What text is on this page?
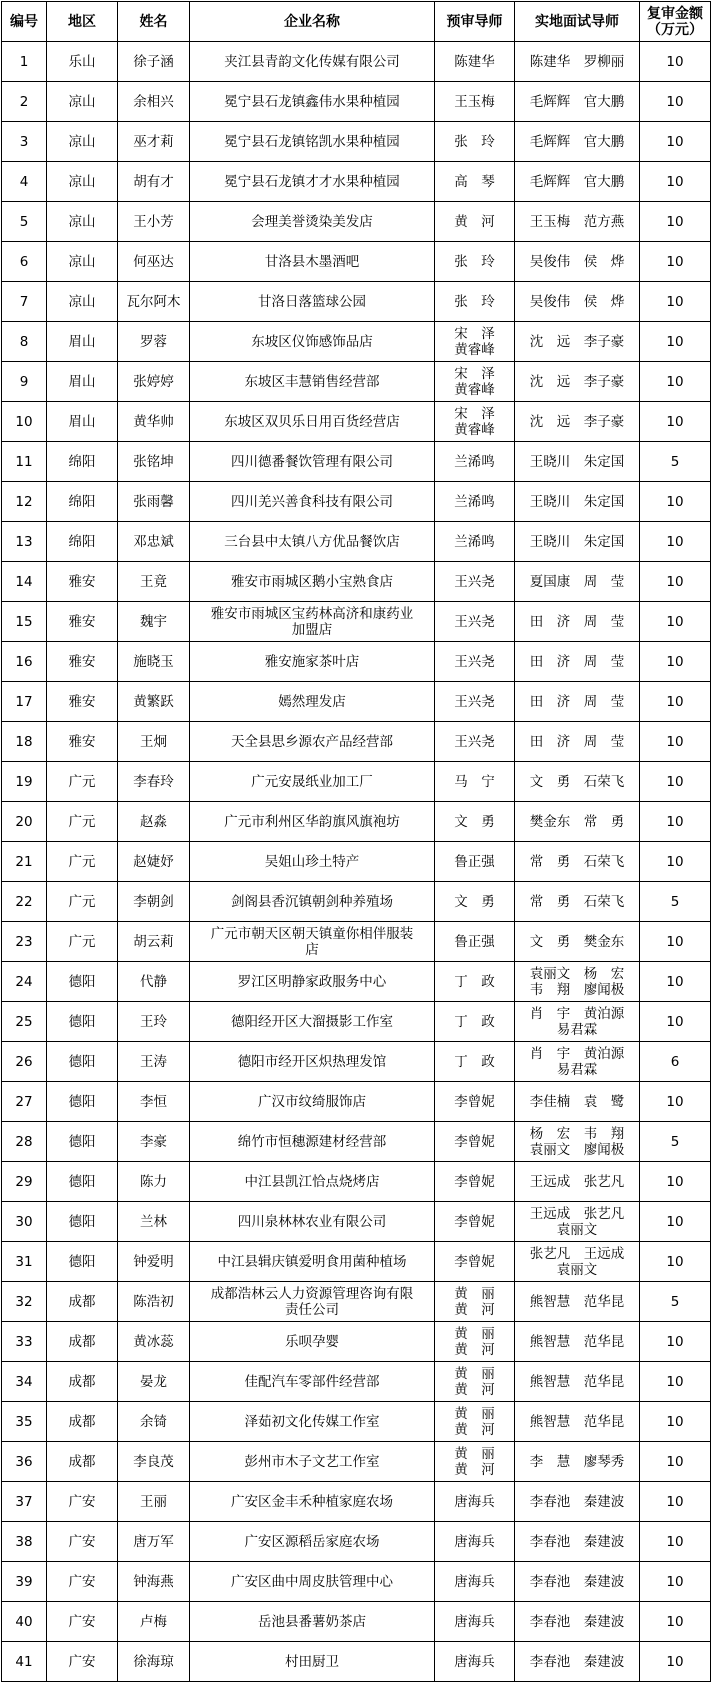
编号	地区	姓名	企业名称	预审导师	实地面试导师	复审金额 （万元）
1	乐山	徐子涵	夹江县青韵文化传媒有限公司	陈建华	陈建华　罗柳丽	10
2	凉山	余相兴	冕宁县石龙镇鑫伟水果种植园	王玉梅	毛辉辉　官大鹏	10
3	凉山	巫才莉	冕宁县石龙镇铭凯水果种植园	张　玲	毛辉辉　官大鹏	10
4	凉山	胡有才	冕宁县石龙镇才才水果种植园	高　琴	毛辉辉　官大鹏	10
5	凉山	王小芳	会理美誉烫染美发店	黄　河	王玉梅　范方燕	10
6	凉山	何巫达	甘洛县木墨酒吧	张　玲	吴俊伟　侯　烨	10
7	凉山	瓦尔阿木	甘洛日落篮球公园	张　玲	吴俊伟　侯　烨	10
8	眉山	罗蓉	东坡区仪饰感饰品店	宋　泽
黄睿峰	沈　远　李子豪	10
9	眉山	张婷婷	东坡区丰慧销售经营部	宋　泽
黄睿峰	沈　远　李子豪	10
10	眉山	黄华帅	东坡区双贝乐日用百货经营店	宋　泽
黄睿峰	沈　远　李子豪	10
11	绵阳	张铭坤	四川德番餐饮管理有限公司	兰浠鸣	王晓川　朱定国	5
12	绵阳	张雨馨	四川羌兴善食科技有限公司	兰浠鸣	王晓川　朱定国	10
13	绵阳	邓忠斌	三台县中太镇八方优品餐饮店	兰浠鸣	王晓川　朱定国	10
14	雅安	王竟	雅安市雨城区鹅小宝熟食店	王兴尧	夏国康　周　莹	10
15	雅安	魏宇	雅安市雨城区宝药林高济和康药业
加盟店	王兴尧	田　济　周　莹	10
16	雅安	施晓玉	雅安施家茶叶店	王兴尧	田　济　周　莹	10
17	雅安	黄繁跃	嫣然理发店	王兴尧	田　济　周　莹	10
18	雅安	王炯	天全县思乡源农产品经营部	王兴尧	田　济　周　莹	10
19	广元	李春玲	广元安晟纸业加工厂	马　宁	文　勇　石荣飞	10
20	广元	赵淼	广元市利州区华韵旗风旗袍坊	文　勇	樊金东　常　勇	10
21	广元	赵婕妤	吴姐山珍土特产	鲁正强	常　勇　石荣飞	10
22	广元	李朝剑	剑阁县香沉镇朝剑种养殖场	文　勇	常　勇　石荣飞	5
23	广元	胡云莉	广元市朝天区朝天镇童你相伴服装
店	鲁正强	文　勇　樊金东	10
24	德阳	代静	罗江区明静家政服务中心	丁　政	袁丽文　杨　宏
韦　翔　廖闻极	10
25	德阳	王玲	德阳经开区大溜摄影工作室	丁　政	肖　宇　黄泊源
易君霖	10
26	德阳	王涛	德阳市经开区炽热理发馆	丁　政	肖　宇　黄泊源
易君霖	6
27	德阳	李恒	广汉市纹绮服饰店	李曾妮	李佳楠　袁　鹭	10
28	德阳	李豪	绵竹市恒穗源建材经营部	李曾妮	杨　宏　韦　翔
袁丽文　廖闻极	5
29	德阳	陈力	中江县凯江恰点烧烤店	李曾妮	王远成　张艺凡	10
30	德阳	兰林	四川泉林林农业有限公司	李曾妮	王远成　张艺凡
袁丽文	10
31	德阳	钟爱明	中江县辑庆镇爱明食用菌种植场	李曾妮	张艺凡　王远成
袁丽文	10
32	成都	陈浩初	成都浩林云人力资源管理咨询有限
责任公司	黄　丽
黄　河	熊智慧　范华昆	5
33	成都	黄冰蕊	乐呗孕婴	黄　丽
黄　河	熊智慧　范华昆	10
34	成都	晏龙	佳配汽车零部件经营部	黄　丽
黄　河	熊智慧　范华昆	10
35	成都	余锜	泽茹初文化传媒工作室	黄　丽
黄　河	熊智慧　范华昆	10
36	成都	李良茂	彭州市木子文艺工作室	黄　丽
黄　河	李　慧　廖琴秀	10
37	广安	王丽	广安区金丰禾种植家庭农场	唐海兵	李春池　秦建波	10
38	广安	唐万军	广安区源稻岳家庭农场	唐海兵	李春池　秦建波	10
39	广安	钟海燕	广安区曲中周皮肤管理中心	唐海兵	李春池　秦建波	10
40	广安	卢梅	岳池县番薯奶茶店	唐海兵	李春池　秦建波	10
41	广安	徐海琼	村田厨卫	唐海兵	李春池　秦建波	10
